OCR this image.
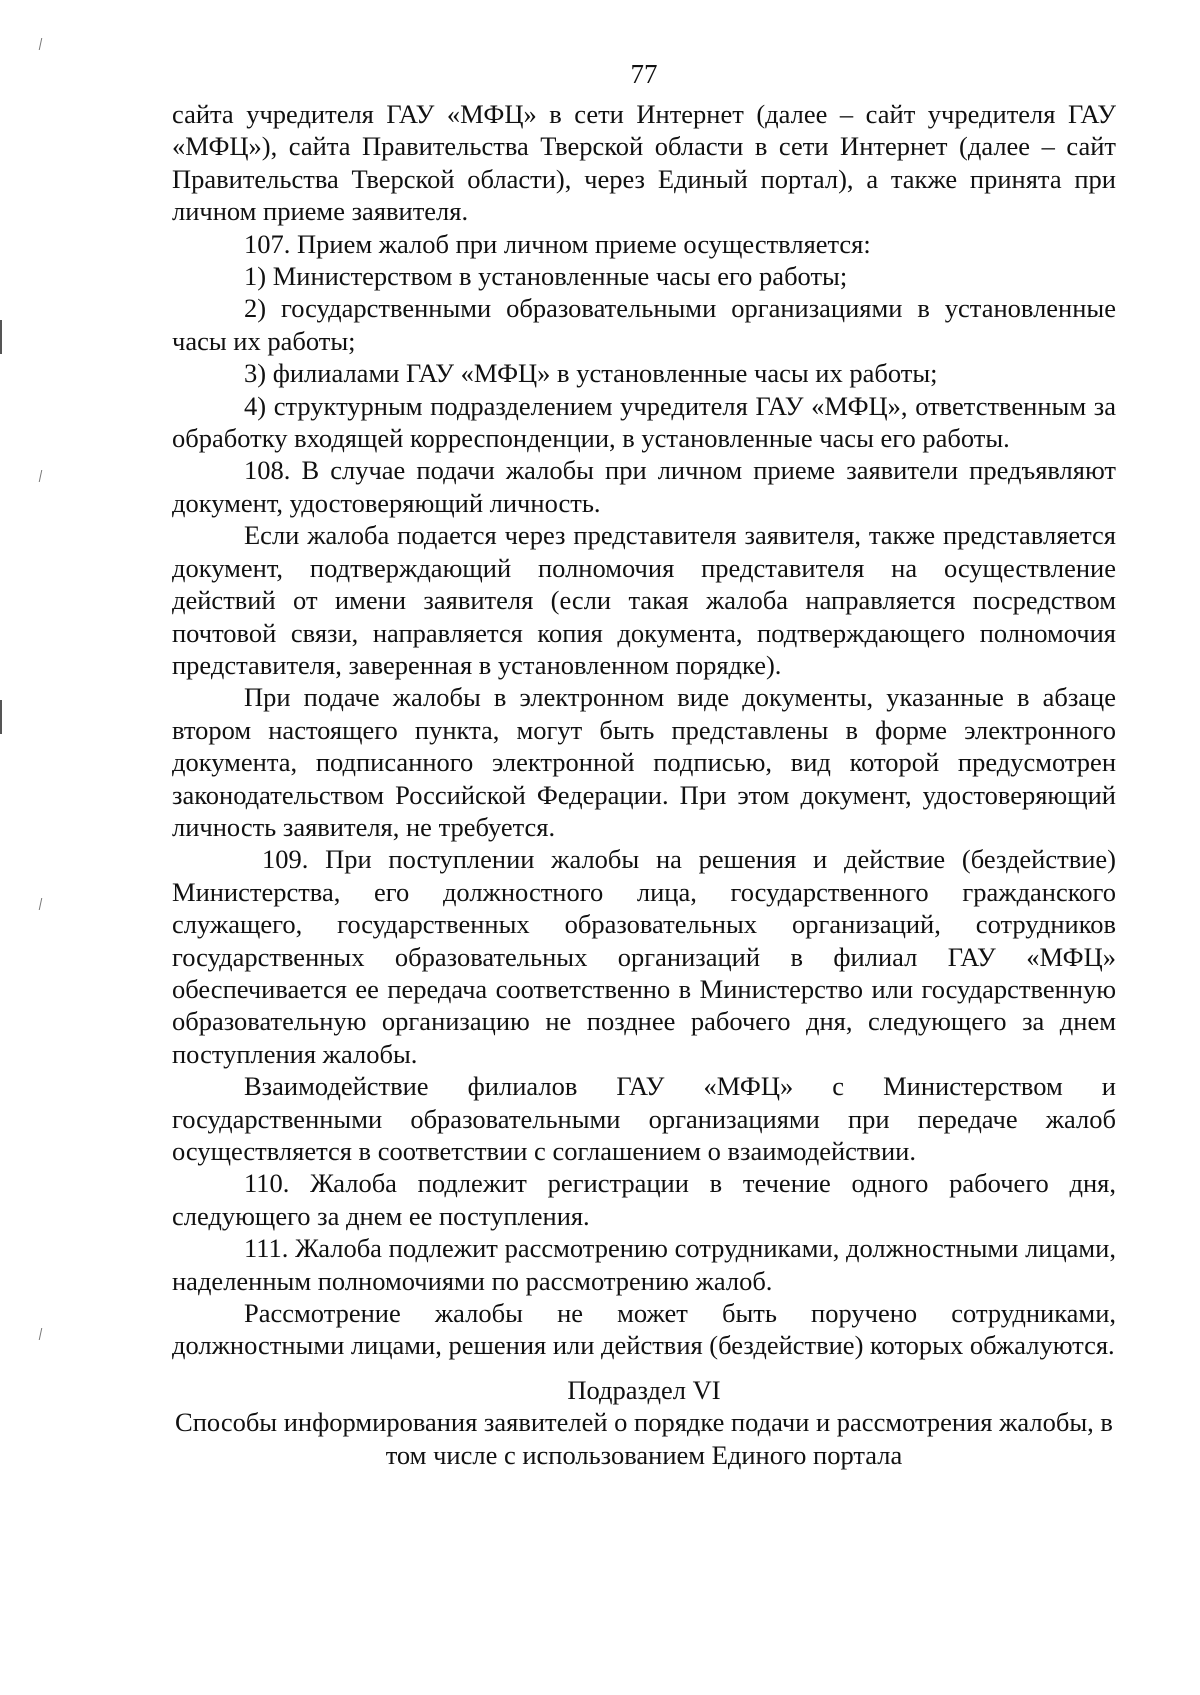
77

сайта учредителя ГАУ «МФЦ» в сети Интернет (далее – сайт учредителя ГАУ «МФЦ»), сайта Правительства Тверской области в сети Интернет (далее – сайт Правительства Тверской области), через Единый портал), а также принята при личном приеме заявителя.

107. Прием жалоб при личном приеме осуществляется:

1) Министерством в установленные часы его работы;

2) государственными образовательными организациями в установленные часы их работы;

3) филиалами ГАУ «МФЦ» в установленные часы их работы;

4) структурным подразделением учредителя ГАУ «МФЦ», ответственным за обработку входящей корреспонденции, в установленные часы его работы.

108. В случае подачи жалобы при личном приеме заявители предъявляют документ, удостоверяющий личность.

Если жалоба подается через представителя заявителя, также представляется документ, подтверждающий полномочия представителя на осуществление действий от имени заявителя (если такая жалоба направляется посредством почтовой связи, направляется копия документа, подтверждающего полномочия представителя, заверенная в установленном порядке).

При подаче жалобы в электронном виде документы, указанные в абзаце втором настоящего пункта, могут быть представлены в форме электронного документа, подписанного электронной подписью, вид которой предусмотрен законодательством Российской Федерации. При этом документ, удостоверяющий личность заявителя, не требуется.

109. При поступлении жалобы на решения и действие (бездействие) Министерства, его должностного лица, государственного гражданского служащего, государственных образовательных организаций, сотрудников государственных образовательных организаций в филиал ГАУ «МФЦ» обеспечивается ее передача соответственно в Министерство или государственную образовательную организацию не позднее рабочего дня, следующего за днем поступления жалобы.

Взаимодействие филиалов ГАУ «МФЦ» с Министерством и государственными образовательными организациями при передаче жалоб осуществляется в соответствии с соглашением о взаимодействии.

110. Жалоба подлежит регистрации в течение одного рабочего дня, следующего за днем ее поступления.

111. Жалоба подлежит рассмотрению сотрудниками, должностными лицами, наделенным полномочиями по рассмотрению жалоб.

Рассмотрение жалобы не может быть поручено сотрудниками, должностными лицами, решения или действия (бездействие) которых обжалуются.

Подраздел VI
Способы информирования заявителей о порядке подачи и рассмотрения жалобы, в том числе с использованием Единого портала
